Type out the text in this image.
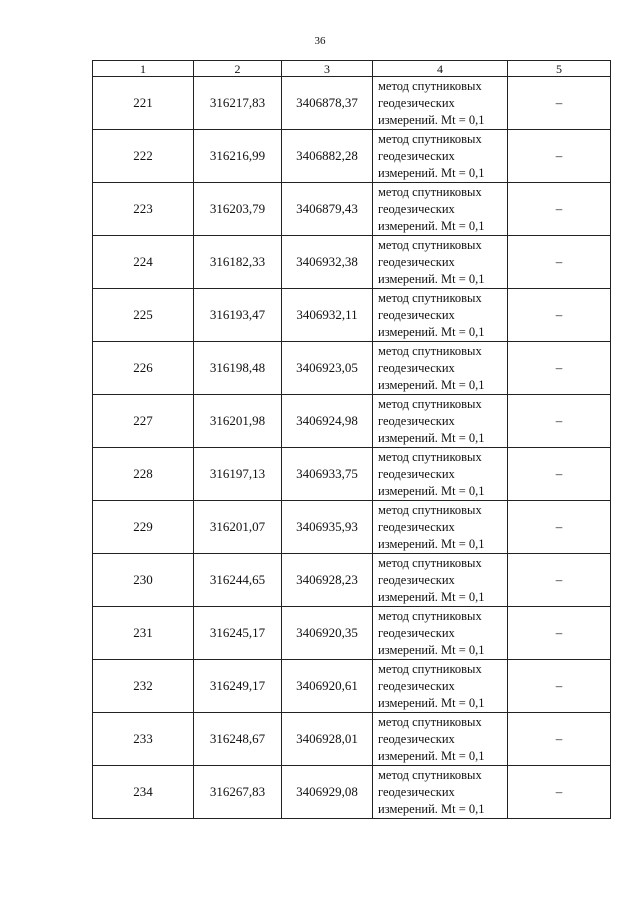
36
1	2	3	4	5
221	316217,83	3406878,37	метод спутниковых
геодезических
измерений. Mt = 0,1	–
222	316216,99	3406882,28	метод спутниковых
геодезических
измерений. Mt = 0,1	–
223	316203,79	3406879,43	метод спутниковых
геодезических
измерений. Mt = 0,1	–
224	316182,33	3406932,38	метод спутниковых
геодезических
измерений. Mt = 0,1	–
225	316193,47	3406932,11	метод спутниковых
геодезических
измерений. Mt = 0,1	–
226	316198,48	3406923,05	метод спутниковых
геодезических
измерений. Mt = 0,1	–
227	316201,98	3406924,98	метод спутниковых
геодезических
измерений. Mt = 0,1	–
228	316197,13	3406933,75	метод спутниковых
геодезических
измерений. Mt = 0,1	–
229	316201,07	3406935,93	метод спутниковых
геодезических
измерений. Mt = 0,1	–
230	316244,65	3406928,23	метод спутниковых
геодезических
измерений. Mt = 0,1	–
231	316245,17	3406920,35	метод спутниковых
геодезических
измерений. Mt = 0,1	–
232	316249,17	3406920,61	метод спутниковых
геодезических
измерений. Mt = 0,1	–
233	316248,67	3406928,01	метод спутниковых
геодезических
измерений. Mt = 0,1	–
234	316267,83	3406929,08	метод спутниковых
геодезических
измерений. Mt = 0,1	–
